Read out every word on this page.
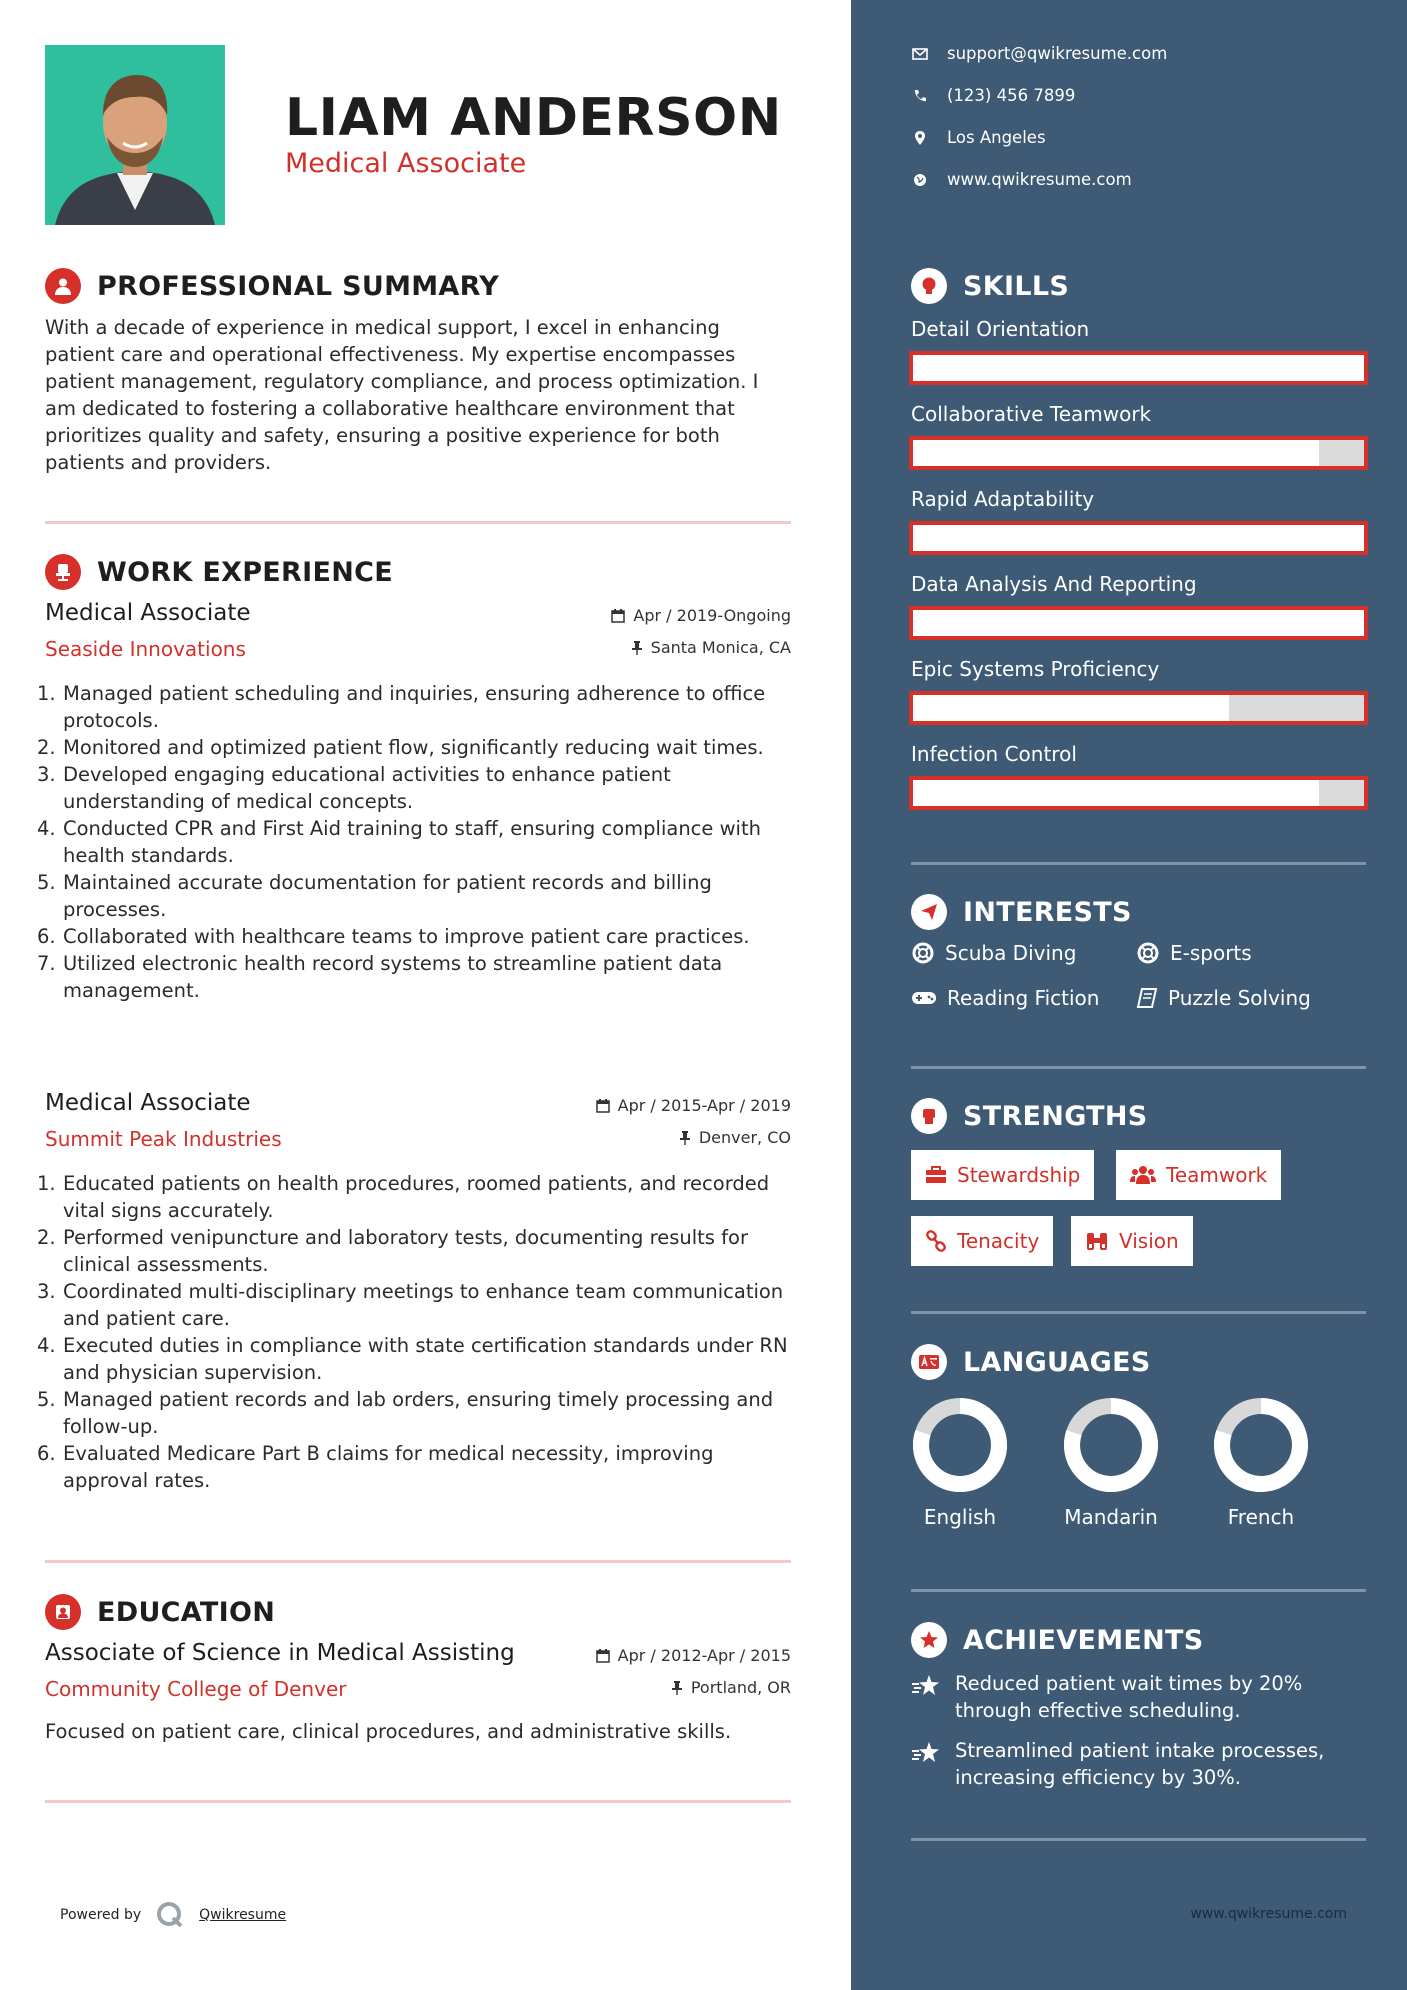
LIAM ANDERSON
Medical Associate
PROFESSIONAL SUMMARY
With a decade of experience in medical support, I excel in enhancing patient care and operational effectiveness. My expertise encompasses patient management, regulatory compliance, and process optimization. I am dedicated to fostering a collaborative healthcare environment that prioritizes quality and safety, ensuring a positive experience for both patients and providers.
WORK EXPERIENCE
Medical Associate
Seaside Innovations
Apr / 2019-Ongoing
Santa Monica, CA
1. Managed patient scheduling and inquiries, ensuring adherence to office protocols.
2. Monitored and optimized patient flow, significantly reducing wait times.
3. Developed engaging educational activities to enhance patient understanding of medical concepts.
4. Conducted CPR and First Aid training to staff, ensuring compliance with health standards.
5. Maintained accurate documentation for patient records and billing processes.
6. Collaborated with healthcare teams to improve patient care practices.
7. Utilized electronic health record systems to streamline patient data management.
Medical Associate
Summit Peak Industries
Apr / 2015-Apr / 2019
Denver, CO
1. Educated patients on health procedures, roomed patients, and recorded vital signs accurately.
2. Performed venipuncture and laboratory tests, documenting results for clinical assessments.
3. Coordinated multi-disciplinary meetings to enhance team communication and patient care.
4. Executed duties in compliance with state certification standards under RN and physician supervision.
5. Managed patient records and lab orders, ensuring timely processing and follow-up.
6. Evaluated Medicare Part B claims for medical necessity, improving approval rates.
EDUCATION
Associate of Science in Medical Assisting
Community College of Denver
Apr / 2012-Apr / 2015
Portland, OR
Focused on patient care, clinical procedures, and administrative skills.
Powered by	Qwikresume
support@qwikresume.com
(123) 456 7899
Los Angeles
www.qwikresume.com
SKILLS
Detail Orientation
Collaborative Teamwork
Rapid Adaptability
Data Analysis And Reporting
Epic Systems Proficiency
Infection Control
INTERESTS
Scuba Diving	E-sports
Reading Fiction	Puzzle Solving
STRENGTHS
Stewardship	Teamwork
Tenacity	Vision
LANGUAGES
English	Mandarin	French
ACHIEVEMENTS
Reduced patient wait times by 20% through effective scheduling.
Streamlined patient intake processes, increasing efficiency by 30%.
www.qwikresume.com
